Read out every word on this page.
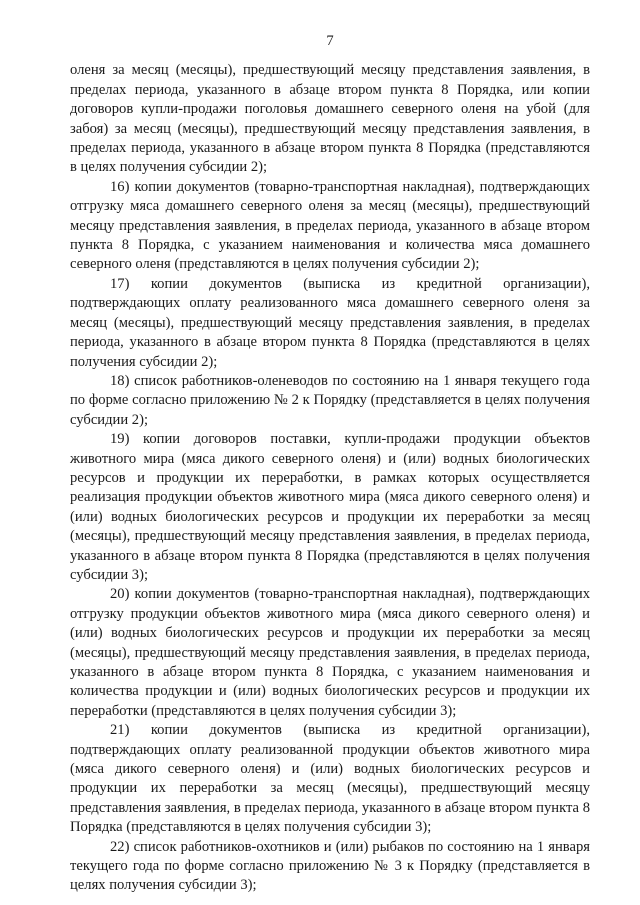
7

оленя за месяц (месяцы), предшествующий месяцу представления заявления, в пределах периода, указанного в абзаце втором пункта 8 Порядка, или копии договоров купли-продажи поголовья домашнего северного оленя на убой (для забоя) за месяц (месяцы), предшествующий месяцу представления заявления, в пределах периода, указанного в абзаце втором пункта 8 Порядка (представляются в целях получения субсидии 2);

16) копии документов (товарно-транспортная накладная), подтверждающих отгрузку мяса домашнего северного оленя за месяц (месяцы), предшествующий месяцу представления заявления, в пределах периода, указанного в абзаце втором пункта 8 Порядка, с указанием наименования и количества мяса домашнего северного оленя (представляются в целях получения субсидии 2);

17) копии документов (выписка из кредитной организации), подтверждающих оплату реализованного мяса домашнего северного оленя за месяц (месяцы), предшествующий месяцу представления заявления, в пределах периода, указанного в абзаце втором пункта 8 Порядка (представляются в целях получения субсидии 2);

18) список работников-оленеводов по состоянию на 1 января текущего года по форме согласно приложению № 2 к Порядку (представляется в целях получения субсидии 2);

19) копии договоров поставки, купли-продажи продукции объектов животного мира (мяса дикого северного оленя) и (или) водных биологических ресурсов и продукции их переработки, в рамках которых осуществляется реализация продукции объектов животного мира (мяса дикого северного оленя) и (или) водных биологических ресурсов и продукции их переработки за месяц (месяцы), предшествующий месяцу представления заявления, в пределах периода, указанного в абзаце втором пункта 8 Порядка (представляются в целях получения субсидии 3);

20) копии документов (товарно-транспортная накладная), подтверждающих отгрузку продукции объектов животного мира (мяса дикого северного оленя) и (или) водных биологических ресурсов и продукции их переработки за месяц (месяцы), предшествующий месяцу представления заявления, в пределах периода, указанного в абзаце втором пункта 8 Порядка, с указанием наименования и количества продукции и (или) водных биологических ресурсов и продукции их переработки (представляются в целях получения субсидии 3);

21) копии документов (выписка из кредитной организации), подтверждающих оплату реализованной продукции объектов животного мира (мяса дикого северного оленя) и (или) водных биологических ресурсов и продукции их переработки за месяц (месяцы), предшествующий месяцу представления заявления, в пределах периода, указанного в абзаце втором пункта 8 Порядка (представляются в целях получения субсидии 3);

22) список работников-охотников и (или) рыбаков по состоянию на 1 января текущего года по форме согласно приложению № 3 к Порядку (представляется в целях получения субсидии 3);
